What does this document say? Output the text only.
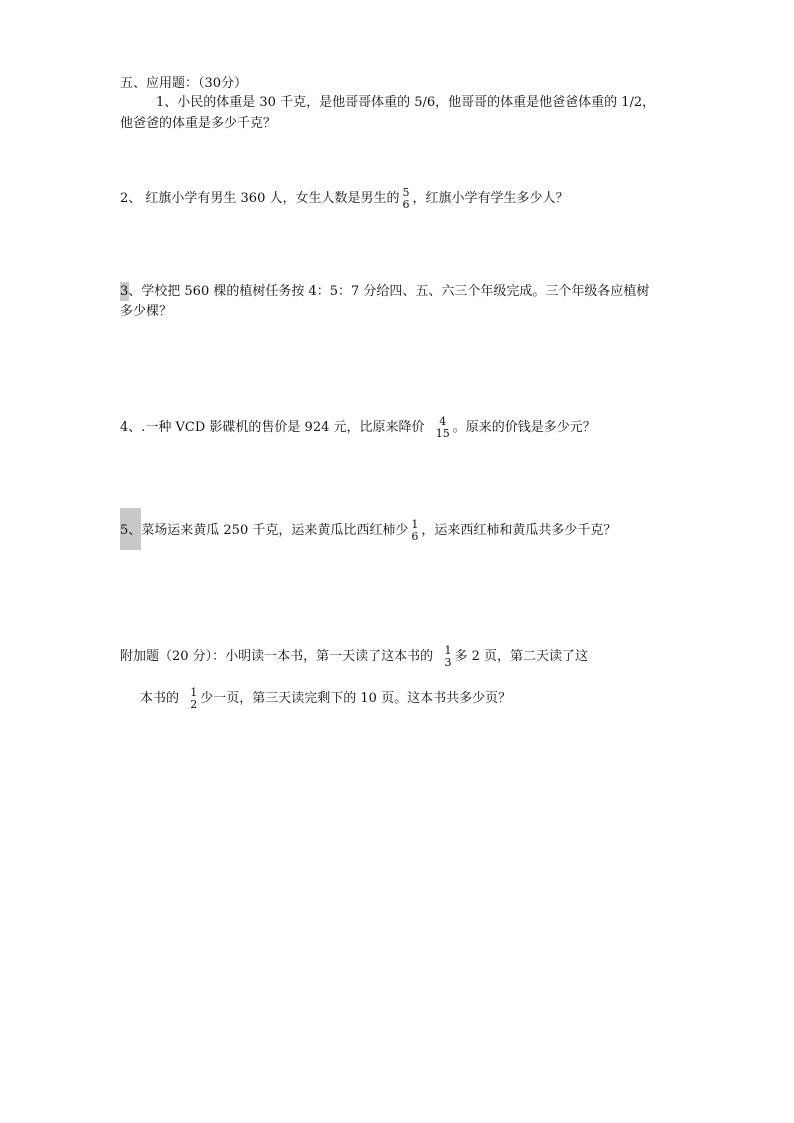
五、应用题：（30分）
1、小民的体重是 30 千克，是他哥哥体重的 5/6，他哥哥的体重是他爸爸体重的 1/2，
他爸爸的体重是多少千克？
2、 红旗小学有男生 360 人，女生人数是男生的 5
6 ，红旗小学有学生多少人？
3、学校把 560 棵的植树任务按 4：5：7 分给四、五、六三个年级完成。三个年级各应植树
多少棵？
4、.一种 VCD 影碟机的售价是 924 元，比原来降价 4
15 。原来的价钱是多少元？
5、菜场运来黄瓜 250 千克，运来黄瓜比西红柿少 1
6 ，运来西红柿和黄瓜共多少千克？
附加题（20 分）：小明读一本书，第一天读了这本书的 1
3 多 2 页，第二天读了这
本书的 1
2 少一页，第三天读完剩下的 10 页。这本书共多少页？
